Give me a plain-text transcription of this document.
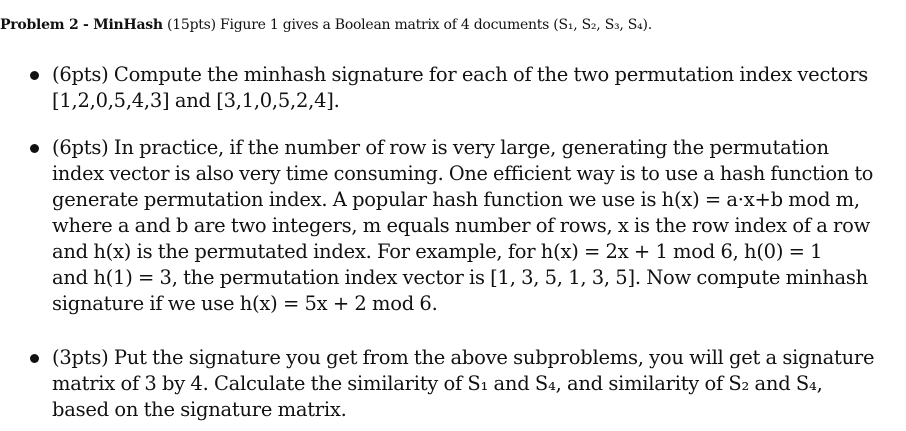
Problem 2 - MinHash (15pts) Figure 1 gives a Boolean matrix of 4 documents (S₁, S₂, S₃, S₄).
(6pts) Compute the minhash signature for each of the two permutation index vectors
[1,2,0,5,4,3] and [3,1,0,5,2,4].
(6pts) In practice, if the number of row is very large, generating the permutation
index vector is also very time consuming. One efficient way is to use a hash function to
generate permutation index. A popular hash function we use is h(x) = a·x+b mod m,
where a and b are two integers, m equals number of rows, x is the row index of a row
and h(x) is the permutated index. For example, for h(x) = 2x + 1 mod 6, h(0) = 1
and h(1) = 3, the permutation index vector is [1, 3, 5, 1, 3, 5]. Now compute minhash
signature if we use h(x) = 5x + 2 mod 6.
(3pts) Put the signature you get from the above subproblems, you will get a signature
matrix of 3 by 4. Calculate the similarity of S₁ and S₄, and similarity of S₂ and S₄,
based on the signature matrix.
